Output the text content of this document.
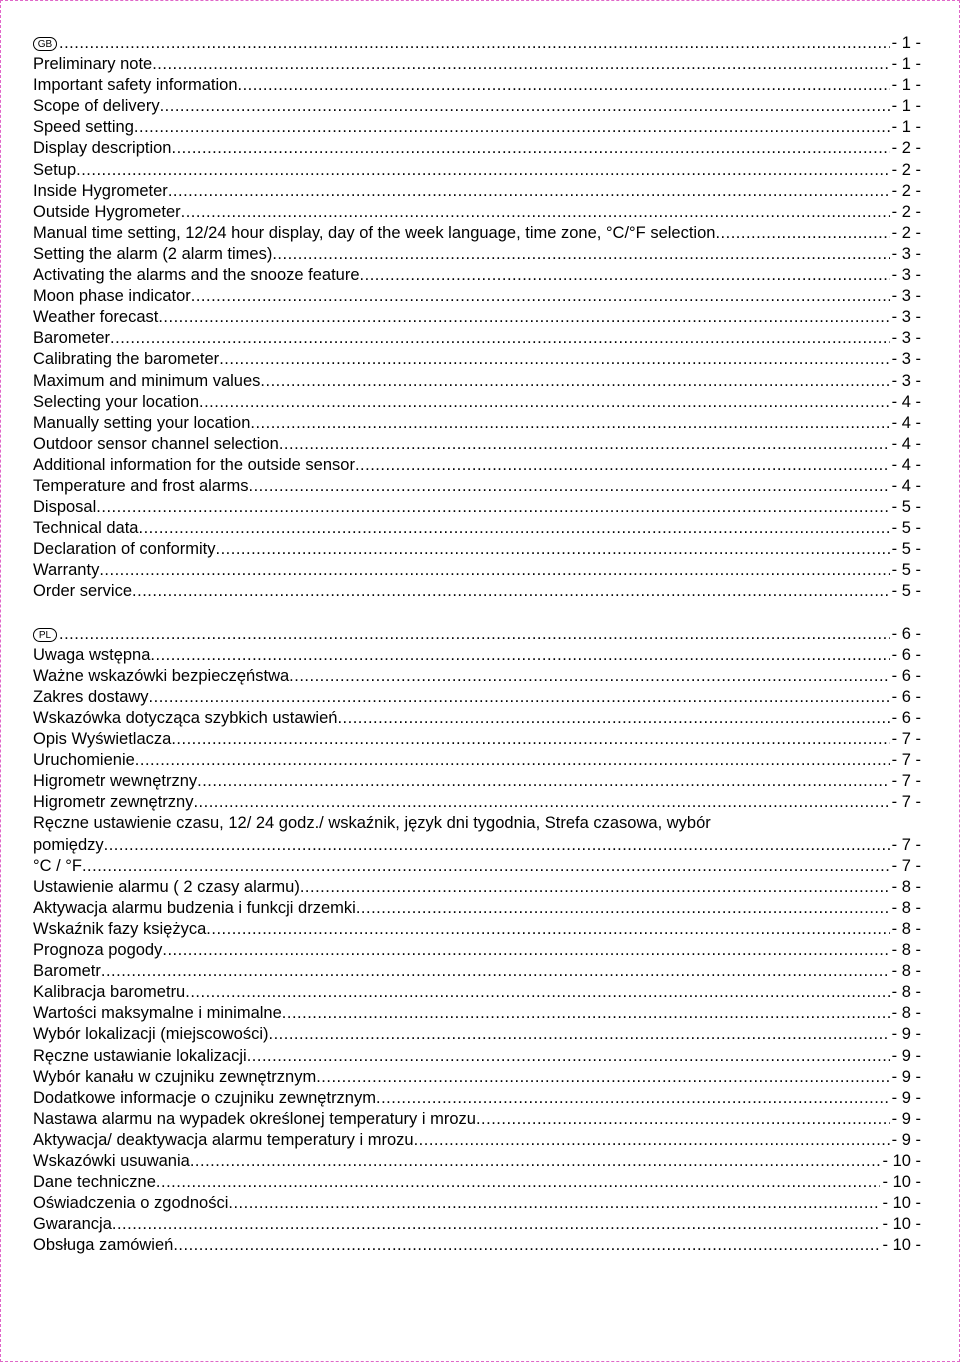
GB .....	- 1 -
Preliminary note .....	- 1 -
Important safety information .....	- 1 -
Scope of delivery .....	- 1 -
Speed setting .....	- 1 -
Display description .....	- 2 -
Setup .....	- 2 -
Inside Hygrometer .....	- 2 -
Outside Hygrometer .....	- 2 -
Manual time setting, 12/24 hour display, day of the week language, time zone, °C/°F selection .....	- 2 -
Setting the alarm (2 alarm times) .....	- 3 -
Activating the alarms and the snooze feature .....	- 3 -
Moon phase indicator .....	- 3 -
Weather forecast .....	- 3 -
Barometer .....	- 3 -
Calibrating the barometer .....	- 3 -
Maximum and minimum values .....	- 3 -
Selecting your location .....	- 4 -
Manually setting your location .....	- 4 -
Outdoor sensor channel selection .....	- 4 -
Additional information for the outside sensor .....	- 4 -
Temperature and frost alarms .....	- 4 -
Disposal .....	- 5 -
Technical data .....	- 5 -
Declaration of conformity .....	- 5 -
Warranty .....	- 5 -
Order service .....	- 5 -
PL .....	- 6 -
Uwaga wstępna .....	- 6 -
Ważne wskazówki bezpieczęństwa .....	- 6 -
Zakres dostawy .....	- 6 -
Wskazówka dotycząca szybkich ustawień .....	- 6 -
Opis Wyświetlacza .....	- 7 -
Uruchomienie .....	- 7 -
Higrometr wewnętrzny .....	- 7 -
Higrometr zewnętrzny .....	- 7 -
Ręczne ustawienie czasu, 12/ 24 godz./ wskaźnik, język dni tygodnia, Strefa czasowa, wybór
pomiędzy .....	- 7 -
°C / °F .....	- 7 -
Ustawienie alarmu ( 2 czasy alarmu) .....	- 8 -
Aktywacja alarmu budzenia i funkcji drzemki .....	- 8 -
Wskaźnik fazy księżyca .....	- 8 -
Prognoza pogody .....	- 8 -
Barometr .....	- 8 -
Kalibracja barometru .....	- 8 -
Wartości maksymalne i minimalne .....	- 8 -
Wybór lokalizacji (miejscowości) .....	- 9 -
Ręczne ustawianie lokalizacji .....	- 9 -
Wybór kanału w czujniku zewnętrznym .....	- 9 -
Dodatkowe informacje o czujniku zewnętrznym .....	- 9 -
Nastawa alarmu na wypadek określonej temperatury i mrozu .....	- 9 -
Aktywacja/ deaktywacja alarmu temperatury i mrozu .....	- 9 -
Wskazówki usuwania .....	- 10 -
Dane techniczne .....	- 10 -
Oświadczenia o zgodności .....	- 10 -
Gwarancja .....	- 10 -
Obsługa zamówień .....	- 10 -
